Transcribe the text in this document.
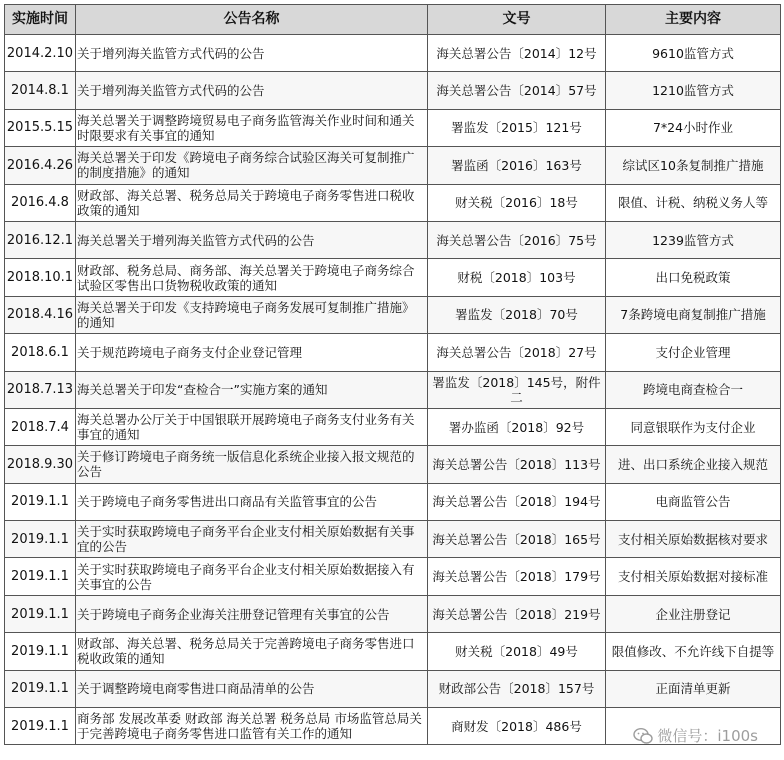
实施时间	公告名称	文号	主要内容
2014.2.10	关于增列海关监管方式代码的公告	海关总署公告〔2014〕12号	9610监管方式
2014.8.1	关于增列海关监管方式代码的公告	海关总署公告〔2014〕57号	1210监管方式
2015.5.15	海关总署关于调整跨境贸易电子商务监管海关作业时间和通关时限要求有关事宜的通知	署监发〔2015〕121号	7*24小时作业
2016.4.26	海关总署关于印发《跨境电子商务综合试验区海关可复制推广的制度措施》的通知	署监函〔2016〕163号	综试区10条复制推广措施
2016.4.8	财政部、海关总署、税务总局关于跨境电子商务零售进口税收政策的通知	财关税〔2016〕18号	限值、计税、纳税义务人等
2016.12.1	海关总署关于增列海关监管方式代码的公告	海关总署公告〔2016〕75号	1239监管方式
2018.10.1	财政部、税务总局、商务部、海关总署关于跨境电子商务综合试验区零售出口货物税收政策的通知	财税〔2018〕103号	出口免税政策
2018.4.16	海关总署关于印发《支持跨境电子商务发展可复制推广措施》的通知	署监发〔2018〕70号	7条跨境电商复制推广措施
2018.6.1	关于规范跨境电子商务支付企业登记管理	海关总署公告〔2018〕27号	支付企业管理
2018.7.13	海关总署关于印发“查检合一”实施方案的通知	署监发〔2018〕145号，附件二	跨境电商查检合一
2018.7.4	海关总署办公厅关于中国银联开展跨境电子商务支付业务有关事宜的通知	署办监函〔2018〕92号	同意银联作为支付企业
2018.9.30	关于修订跨境电子商务统一版信息化系统企业接入报文规范的公告	海关总署公告〔2018〕113号	进、出口系统企业接入规范
2019.1.1	关于跨境电子商务零售进出口商品有关监管事宜的公告	海关总署公告〔2018〕194号	电商监管公告
2019.1.1	关于实时获取跨境电子商务平台企业支付相关原始数据有关事宜的公告	海关总署公告〔2018〕165号	支付相关原始数据核对要求
2019.1.1	关于实时获取跨境电子商务平台企业支付相关原始数据接入有关事宜的公告	海关总署公告〔2018〕179号	支付相关原始数据对接标准
2019.1.1	关于跨境电子商务企业海关注册登记管理有关事宜的公告	海关总署公告〔2018〕219号	企业注册登记
2019.1.1	财政部、海关总署、税务总局关于完善跨境电子商务零售进口税收政策的通知	财关税〔2018〕49号	限值修改、不允许线下自提等
2019.1.1	关于调整跨境电商零售进口商品清单的公告	财政部公告〔2018〕157号	正面清单更新
2019.1.1	商务部 发展改革委 财政部 海关总署 税务总局 市场监管总局关于完善跨境电子商务零售进口监管有关工作的通知	商财发〔2018〕486号	
微信号：i100s
